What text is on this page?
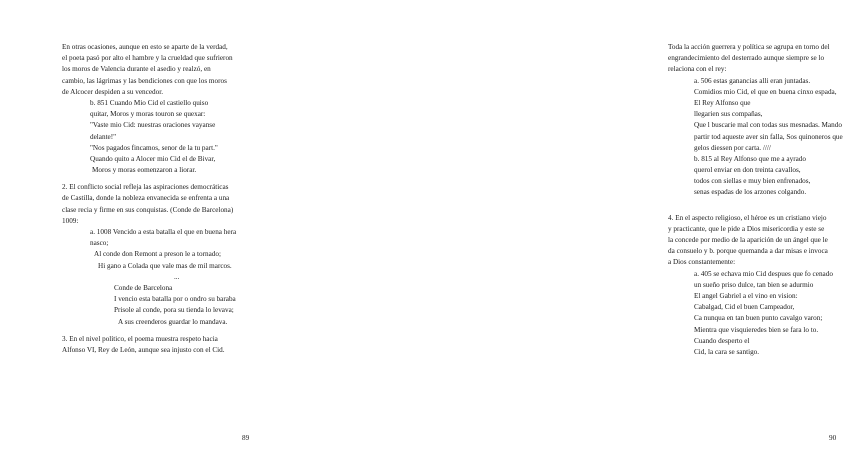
En otras ocasiones, aunque en esto se aparte de la verdad,
el poeta pasó por alto el hambre y la crueldad que sufrieron
los moros de Valencia durante el asedio y realzó, en
cambio, las lágrimas y las bendiciones con que los moros
de Alcocer despiden a su vencedor.
b. 851 Cuando Mio Cid el castiello quiso
quitar, Moros y moras touron se quexar:
"Vaste mio Cid: nuestras oraciones vayanse
delante!"
"Nos pagados fincamos, senor de la tu part."
Quando quito a Alocer mio Cid el de Bivar,
Moros y moras eomenzaron a liorar.
2. El conflicto social refleja las aspiraciones democráticas
de Castilla, donde la nobleza envanecida se enfrenta a una
clase recia y firme en sus conquistas. (Conde de Barcelona)
1009:
a. 1008 Vencido a esta batalla el que en buena hera
nasco;
Al conde don Remont a preson le a tornado;
Hi gano a Colada que vale mas de mil marcos.
...
Conde de Barcelona
I vencio esta batalla por o ondro su baraba
Prisole al conde, pora su tienda lo levava;
A sus creenderos guardar lo mandava.
3. En el nivel político, el poema muestra respeto hacia
Alfonso VI, Rey de León, aunque sea injusto con el Cid.
89
Toda la acción guerrera y política se agrupa en torno del
engrandecimiento del desterrado aunque siempre se lo
relaciona con el rey:
a. 506 estas ganancias alli eran juntadas.
Comidios mio Cid, el que en buena cinxo espada,
El Rey Alfonso que
llegarien sus compañas,
Que l buscarie mal con todas sus mesnadas. Mando
partir tod aqueste aver sin falla, Sos quinoneros que
gelos diessen por carta. ////
b. 815 al Rey Alfonso que me a ayrado
querol enviar en don treinta cavallos,
todos con siellas e muy bien enfrenados,
senas espadas de los arzones colgando.
4. En el aspecto religioso, el héroe es un cristiano viejo
y practicante, que le pide a Dios misericordia y este se
la concede por medio de la aparición de un ángel que le
da consuelo y b. porque quemanda a dar misas e invoca
a Dios constantemente:
a. 405 se echava mio Cid despues que fo cenado
un sueño priso dulce, tan bien se adurmio
El angel Gabriel a el vino en vision:
Cabalgad, Cid el buen Campeador,
Ca nunqua en tan buen punto cavalgo varon;
Mientra que visquieredes bien se fara lo to.
Cuando desperto el
Cid, la cara se santigo.
90
